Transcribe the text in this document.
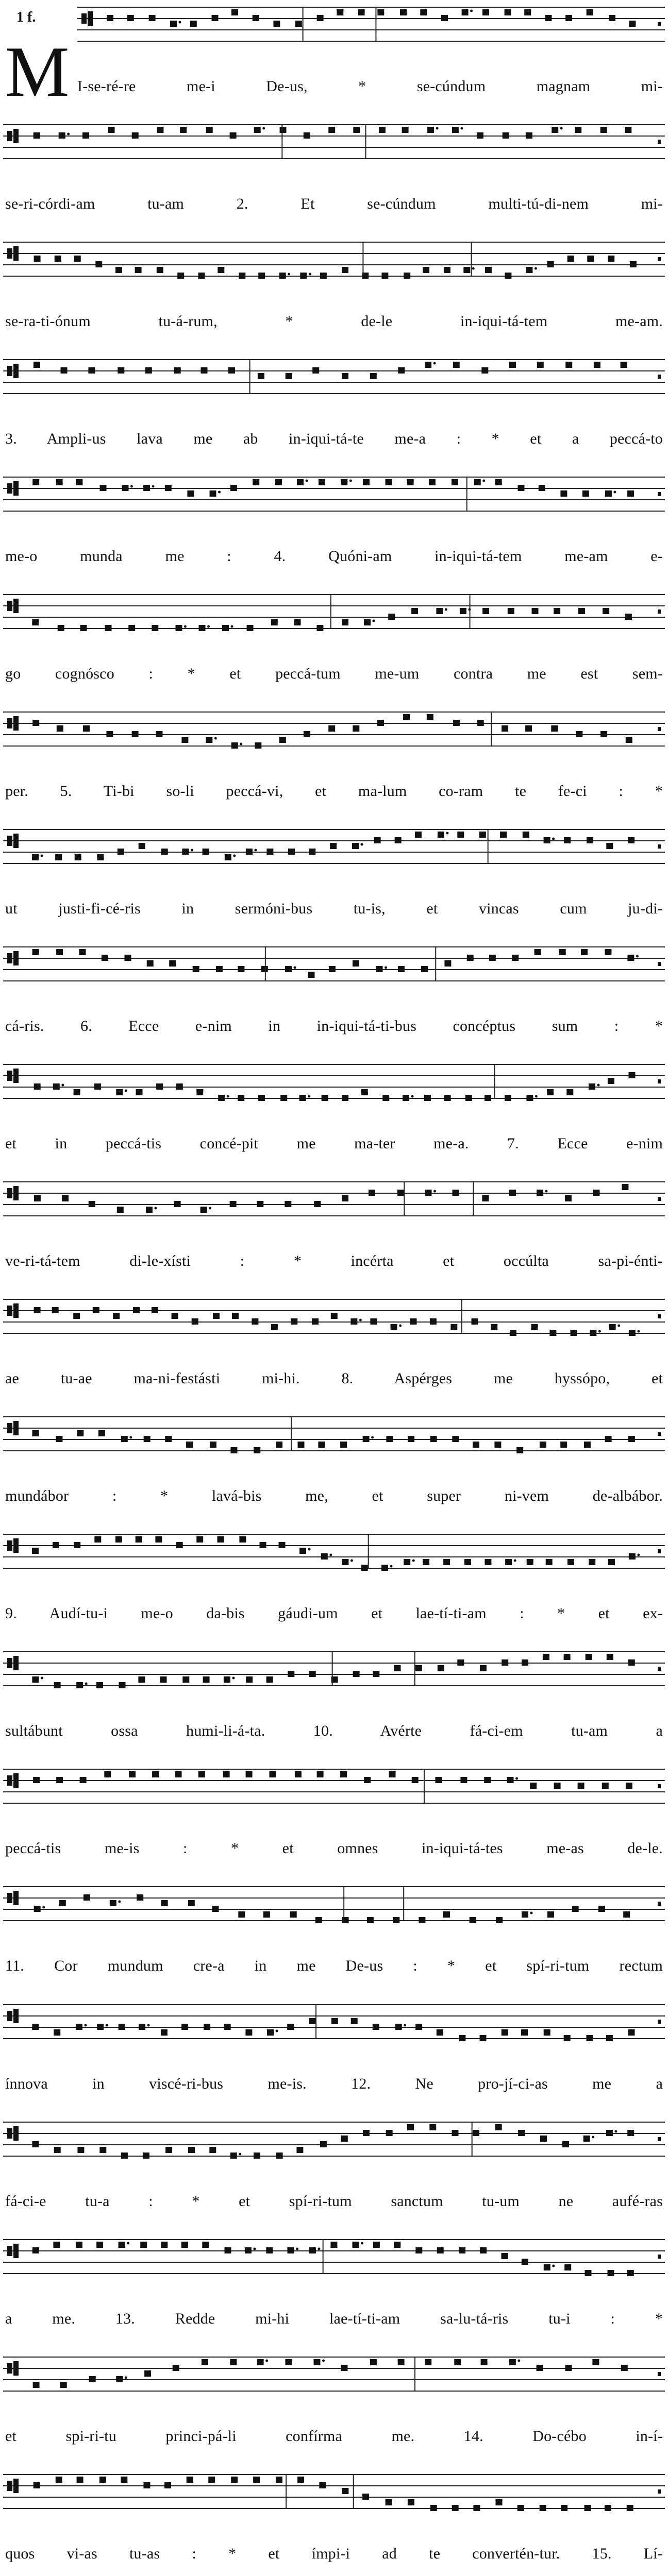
1 f.
M I-se-ré-re me-i De-us, * se-cúndum magnam mi-
se-ri-córdi-am tu-am 2. Et se-cúndum multi-tú-di-nem mi-
se-ra-ti-ónum tu-á-rum, * de-le in-iqui-tá-tem me-am.
3. Ampli-us lava me ab in-iqui-tá-te me-a : * et a peccá-to
me-o munda me : 4. Quóni-am in-iqui-tá-tem me-am e-
go cognósco : * et peccá-tum me-um contra me est sem-
per. 5. Ti-bi so-li peccá-vi, et ma-lum co-ram te fe-ci : *
ut justi-fi-cé-ris in sermóni-bus tu-is, et vincas cum ju-di-
cá-ris. 6. Ecce e-nim in in-iqui-tá-ti-bus concéptus sum : *
et in peccá-tis concé-pit me ma-ter me-a. 7. Ecce e-nim
ve-ri-tá-tem di-le-xísti : * incérta et occúlta sa-pi-énti-
ae tu-ae ma-ni-festásti mi-hi. 8. Aspérges me hyssópo, et
mundábor : * lavá-bis me, et super ni-vem de-albábor.
9. Audí-tu-i me-o da-bis gáudi-um et lae-tí-ti-am : * et ex-
sultábunt ossa humi-li-á-ta. 10. Avérte fá-ci-em tu-am a
peccá-tis me-is : * et omnes in-iqui-tá-tes me-as de-le.
11. Cor mundum cre-a in me De-us : * et spí-ri-tum rectum
ínnova in viscé-ri-bus me-is. 12. Ne pro-jí-ci-as me a
fá-ci-e tu-a : * et spí-ri-tum sanctum tu-um ne aufé-ras
a me. 13. Redde mi-hi lae-tí-ti-am sa-lu-tá-ris tu-i : *
et spi-ri-tu princi-pá-li confírma me. 14. Do-cébo in-í-
quos vi-as tu-as : * et ímpi-i ad te convertén-tur. 15. Lí-
